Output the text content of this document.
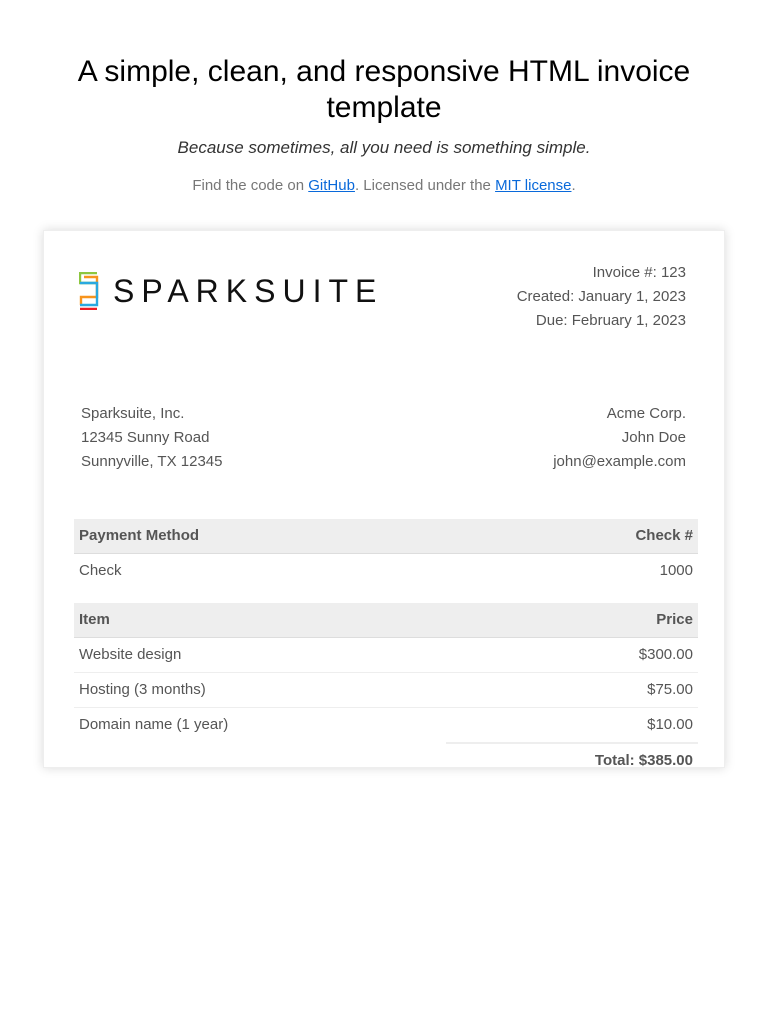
A simple, clean, and responsive HTML invoice template

Because sometimes, all you need is something simple.

Find the code on GitHub. Licensed under the MIT license.

SPARKSUITE
Invoice #: 123
Created: January 1, 2023
Due: February 1, 2023
Sparksuite, Inc.
12345 Sunny Road
Sunnyville, TX 12345
Acme Corp.
John Doe
john@example.com
Payment Method	Check #
Check	1000
Item	Price
Website design	$300.00
Hosting (3 months)	$75.00
Domain name (1 year)	$10.00
	Total: $385.00
